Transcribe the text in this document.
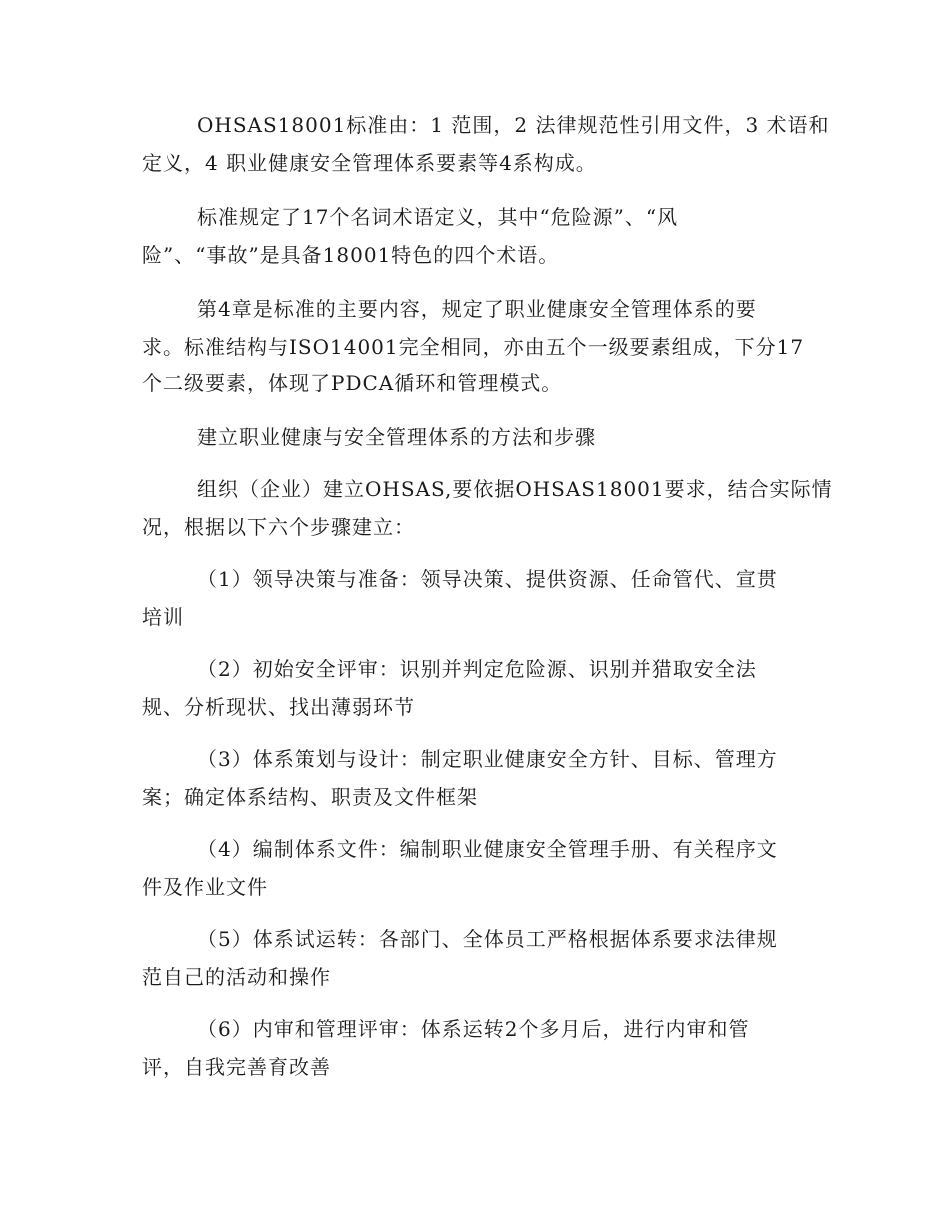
OHSAS18001标准由：1 范围，2 法律规范性引用文件，3 术语和

定义，4 职业健康安全管理体系要素等4系构成。

标准规定了17个名词术语定义，其中“危险源”、“风

险”、“事故”是具备18001特色的四个术语。

第4章是标准的主要内容，规定了职业健康安全管理体系的要

求。标准结构与ISO14001完全相同，亦由五个一级要素组成，下分17

个二级要素，体现了PDCA循环和管理模式。

建立职业健康与安全管理体系的方法和步骤

组织（企业）建立OHSAS,要依据OHSAS18001要求，结合实际情

况，根据以下六个步骤建立：

（1）领导决策与准备：领导决策、提供资源、任命管代、宣贯

培训

（2）初始安全评审：识别并判定危险源、识别并猎取安全法

规、分析现状、找出薄弱环节

（3）体系策划与设计：制定职业健康安全方针、目标、管理方

案；确定体系结构、职责及文件框架

（4）编制体系文件：编制职业健康安全管理手册、有关程序文

件及作业文件

（5）体系试运转：各部门、全体员工严格根据体系要求法律规

范自己的活动和操作

（6）内审和管理评审：体系运转2个多月后，进行内审和管

评，自我完善育改善
